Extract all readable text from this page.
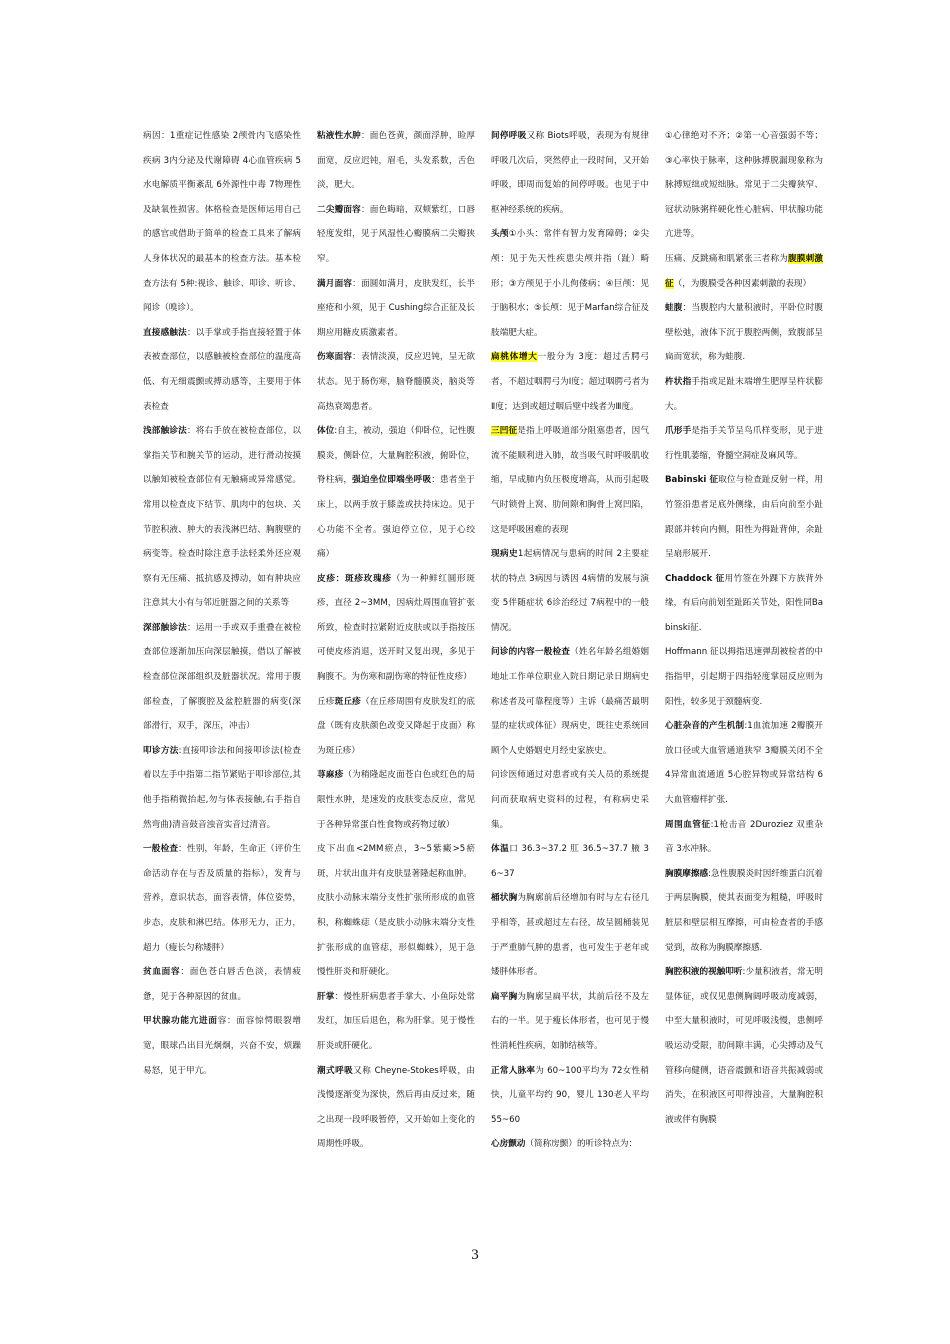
病因：1重症记性感染 2颅骨内飞感染性疾病 3内分泌及代谢障碍 4心血管疾病 5水电解质平衡紊乱 6外源性中毒 7物理性及缺氧性损害。体格检查是医师运用自己的感官或借助于简单的检查工具来了解病人身体状况的最基本的检查方法。基本检查方法有 5种:视诊、触诊、叩诊、听诊、闻诊（嗅诊）。

直接感触法：以手掌或手指直接轻置于体表被查部位，以感触被检查部位的温度高低、有无细震颤或搏动感等，主要用于体表检查

浅部触诊法：将右手放在被检查部位，以掌指关节和腕关节的运动，进行滑动按摸以触知被检查部位有无触痛或异常感觉。常用以检查皮下结节、肌肉中的包块、关节腔积液、肿大的表浅淋巴结、胸腹壁的病变等。检查时除注意手法轻柔外还应观察有无压痛、抵抗感及搏动，如有肿块应注意其大小有与邻近脏器之间的关系等

深部触诊法：运用一手或双手重叠在被检查部位逐渐加压向深层触摸，借以了解被检查部位深部组织及脏器状况。常用于腹部检查，了解腹腔及盆腔脏器的病变(深部滑行，双手，深压，冲击）

叩诊方法:直接叩诊法和间接叩诊法(检查着以左手中指第二指节紧贴于叩诊部位,其他手指稍微抬起,勿与体表接触,右手指自然弯曲)清音鼓音浊音实音过清音。

一般检查：性别，年龄，生命正（评价生命活动存在与否及质量的指标），发育与营养，意识状态，面容表情，体位姿势，步态，皮肤和淋巴结。体形无力，正力，超力（瘦长匀称矮胖）

贫血面容：面色苍白唇舌色淡，表情疲惫，见于各种原因的贫血。

甲状腺功能亢进面容：面容惊愕眼裂增宽，眼球凸出目光炯炯，兴奋不安，烦躁易怒，见于甲亢。

粘液性水肿：面色苍黄，颜面浮肿，睑厚面宽，反应迟钝，眉毛，头发系数，舌色淡，肥大。

二尖瓣面容：面色晦暗，双颊紫红，口唇轻度发绀，见于风湿性心瓣膜病二尖瓣狭窄。

满月面容：面圆如满月，皮肤发红，长半座疮和小须，见于 Cushing综合正征及长期应用糖皮质激素者。

伤寒面容：表情淡漠，反应迟钝，呈无欲状态。见于肠伤寒，脑脊髓膜炎，脑炎等高热衰竭患者。

体位:自主，被动，强迫（仰卧位，记性腹膜炎，侧卧位，大量胸腔积液，俯卧位，脊柱病，强迫坐位即端坐呼吸：患者坐于床上，以两手放于膝盖或扶持床边。见于心功能不全者。强迫停立位，见于心绞痛）

皮疹：斑疹玫瑰疹（为一种鲜红圆形斑疹，直径 2~3MM，因病灶周围血管扩张所致，检查时拉紧附近皮肤或以手指按压可使皮疹消退，送开时又复出现，多见于胸腹不。为伤寒和副伤寒的特征性皮疹）

丘疹斑丘疹（在丘疹周围有皮肤发红的底盘（既有皮肤颜色改变又降起于皮面）称为斑丘疹）

荨麻疹（为稍隆起皮面苍白色或红色的局限性水肿，是速发的皮肤变态反应，常见于各种异常蛋白性食物或药物过敏）

皮下出血<2MM瘀点，3~5紫癜>5瘀斑，片状出血并有皮肤显著隆起称血肿。

皮肤小动脉末端分支性扩张所形成的血管积，称蜘蛛痣（是皮肤小动脉末端分支性扩张形成的血管痣，形似蜘蛛），见于急慢性肝炎和肝硬化。

肝掌：慢性肝病患者手掌大、小鱼际处常发红，加压后退色，称为肝掌。见于慢性肝炎或肝硬化。

潮式呼吸又称 Cheyne-Stokes呼吸，由浅慢逐渐变为深快，然后再由反过来，随之出现一段呼吸暂停，又开始如上变化的周期性呼吸。

间停呼吸又称 Biots呼吸，表现为有规律呼吸几次后，突然停止一段时间，又开始呼吸，即周而复始的间停呼吸。也见于中枢神经系统的疾病。

头颅①小头：常伴有智力发育障碍；②尖颅：见于先天性疾患尖颅并指（趾）畸形；③方颅见于小儿佝偻病；④巨颅：见于脑积水；⑤长颅：见于Marfan综合征及肢端肥大症。

扁桃体增大一般分为 3度：超过舌腭弓者，不超过咽腭弓为Ⅰ度；超过咽腭弓者为Ⅱ度；达到或超过咽后壁中线者为Ⅲ度。

三凹征是指上呼吸道部分阻塞患者，因气流不能顺利进入肺，故当吸气时呼吸肌收缩，早成肺内负压极度增高，从而引起吸气时锁骨上窝、肋间隙和胸骨上窝凹陷，这是呼吸困难的表现

现病史1起病情况与患病的时间 2主要症状的特点 3病因与诱因 4病情的发展与演变 5伴随症状 6诊治经过 7病程中的一般情况。

问诊的内容一般检查（姓名年龄名组婚姻地址工作单位职业入院日期记录日期病史称述者及可靠程度等）主诉（最痛苦最明显的症状或体征）现病史，既往史系统回顾个人史婚姻史月经史家族史。

问诊医师通过对患者或有关人员的系统提问而获取病史资料的过程，有称病史采集。

体温口 36.3~37.2 肛 36.5~37.7 腋 36~37

桶状胸为胸廓前后径增加有时与左右径几乎相等，甚或超过左右径，故呈圆桶装见于严重肺气肿的患者，也可发生于老年或矮胖体形者。

扁平胸为胸廓呈扁平状，其前后径不及左右的一半。见于瘦长体形者，也可见于慢性消耗性疾病，如肺结核等。

正常人脉率为 60~100平均为 72女性稍快，儿童平均约 90，婴儿 130老人平均 55~60

心房颤动（简称房颤）的听诊特点为：

①心律绝对不齐；②第一心音强弱不等；③心率快于脉率，这种脉搏脱漏现象称为脉搏短绌或短绌脉。常见于二尖瓣狭窄、冠状动脉粥样硬化性心脏病、甲状腺功能亢进等。

压痛、反跳痛和肌紧张三者称为腹膜刺激征（，为腹膜受各种因素刺激的表现）

蛙腹：当腹腔内大量积液时，平卧位时腹壁松弛，液体下沉于腹腔两侧，致腹部呈扁而宽状，称为蛙腹.

杵状指手指或足趾末端增生肥厚呈杵状膨大。

爪形手是指手关节呈鸟爪样变形，见于进行性肌萎缩，脊髓空洞症及麻风等。

Babinski 征取位与检查趾反射一样，用竹签沿患者足底外侧缘，由后向前至小趾跟部并转向内侧，阳性为拇趾背伸，余趾呈扇形展开.

Chaddock 征用竹签在外踝下方族背外缘，有后向前划至趾跖关节处，阳性同Babinski征.

Hoffmann 征以拇指迅速弹刮被检者的中指指甲，引起期于四指轻度掌屈反应则为阳性，较多见于颈髓病变.

心脏杂音的产生机制:1血流加速 2瓣膜开放口径或大血管通道狭窄 3瓣膜关闭不全 4异常血流通道 5心腔异物或异常结构 6大血管瘤样扩张.

周围血管征:1枪击音 2Duroziez 双重杂音 3水冲脉。

胸膜摩擦感:急性腹膜炎时因纤维蛋白沉着于两层胸膜，使其表面变为粗糙，呼吸时脏层和壁层相互摩擦，可由检查者的手感觉到，故称为胸膜摩擦感.

胸腔积液的视触叩听:少量积液者，常无明显体征，或仅见患侧胸阔呼吸动度减弱，中至大量积液时，可见呼吸浅慢，患侧呼吸运动受限，肋间隙丰满，心尖搏动及气管移向健侧，语音震颤和语音共振减弱或消失，在积液区可叩得浊音，大量胸腔积液或伴有胸膜

3
